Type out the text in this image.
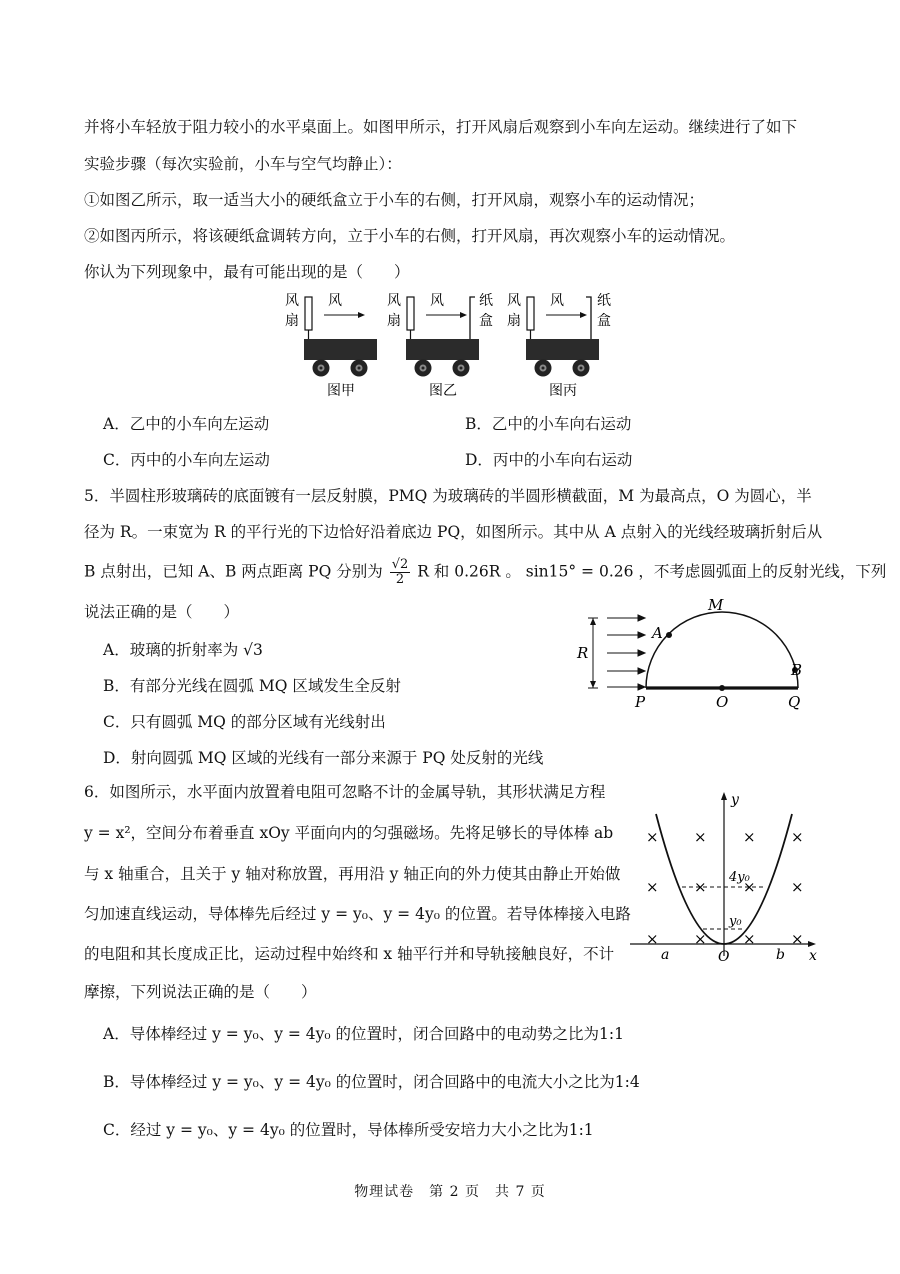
并将小车轻放于阻力较小的水平桌面上。如图甲所示，打开风扇后观察到小车向左运动。继续进行了如下
实验步骤（每次实验前，小车与空气均静止）：
①如图乙所示，取一适当大小的硬纸盒立于小车的右侧，打开风扇，观察小车的运动情况；
②如图丙所示，将该硬纸盒调转方向，立于小车的右侧，打开风扇，再次观察小车的运动情况。
你认为下列现象中，最有可能出现的是（　　）
风
扇
风
图甲
风
扇
风	纸
盒
图乙
风
扇
风 纸
盒
图丙
A．乙中的小车向左运动	B．乙中的小车向右运动
C．丙中的小车向左运动	D．丙中的小车向右运动
5．半圆柱形玻璃砖的底面镀有一层反射膜，PMQ 为玻璃砖的半圆形横截面，M 为最高点，O 为圆心，半
径为 R。一束宽为 R 的平行光的下边恰好沿着底边 PQ，如图所示。其中从 A 点射入的光线经玻璃折射后从
B 点射出，已知 A、B 两点距离 PQ 分别为 $\frac{√2}{2}$ R 和 0.26R 。 sin15° = 0.26 ，不考虑圆弧面上的反射光线，下列
说法正确的是（　　）
A．玻璃的折射率为 √3
B．有部分光线在圆弧 MQ 区域发生全反射
C．只有圆弧 MQ 的部分区域有光线射出
D．射向圆弧 MQ 区域的光线有一部分来源于 PQ 处反射的光线
R
M
A
B
P	O	Q
6．如图所示，水平面内放置着电阻可忽略不计的金属导轨，其形状满足方程
y = x²，空间分布着垂直 xOy 平面向内的匀强磁场。先将足够长的导体棒 ab
与 x 轴重合，且关于 y 轴对称放置，再用沿 y 轴正向的外力使其由静止开始做
匀加速直线运动，导体棒先后经过 y = y₀、y = 4y₀ 的位置。若导体棒接入电路
的电阻和其长度成正比，运动过程中始终和 x 轴平行并和导轨接触良好，不计
摩擦，下列说法正确的是（　　）
A．导体棒经过 y = y₀、y = 4y₀ 的位置时，闭合回路中的电动势之比为1:1
B．导体棒经过 y = y₀、y = 4y₀ 的位置时，闭合回路中的电流大小之比为1:4
C．经过 y = y₀、y = 4y₀ 的位置时，导体棒所受安培力大小之比为1:1
y
x
4y₀
y₀
× × × ×
× × × ×
× × × ×
a	O	b
物理试卷　第 2 页　共 7 页
